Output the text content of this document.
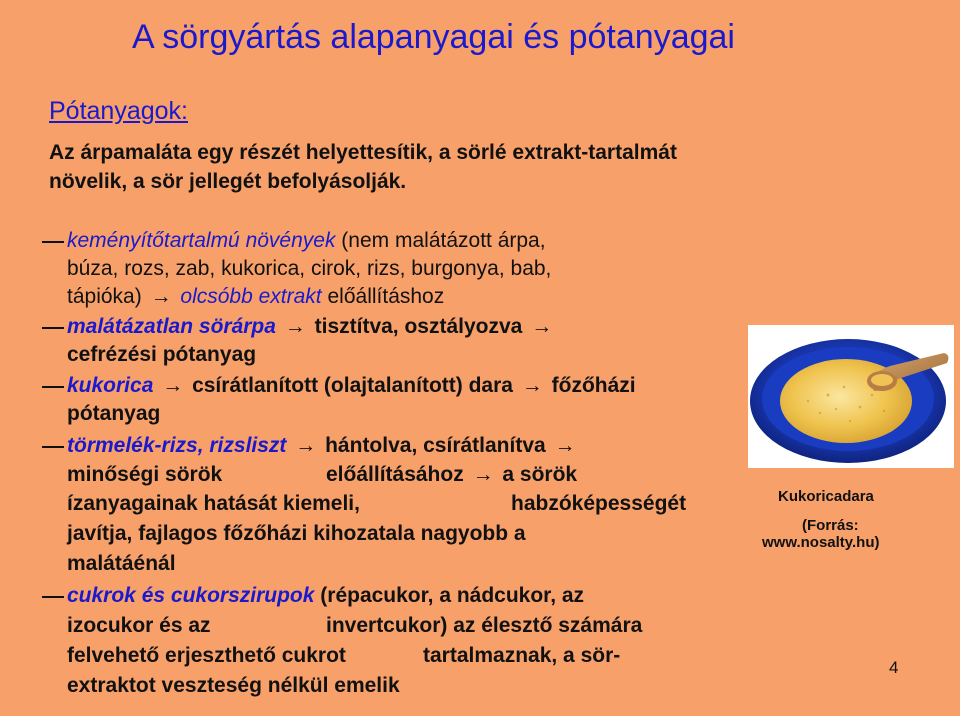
A sörgyártás alapanyagai és pótanyagai
Pótanyagok:
Az árpamaláta egy részét helyettesítik, a sörlé extrakt-tartalmát
növelik, a sör jellegét befolyásolják.
keményítőtartalmú növények (nem malátázott árpa,
búza, rozs, zab, kukorica, cirok, rizs, burgonya, bab,
tápióka) → olcsóbb extrakt előállításhoz
malátázatlan sörárpa → tisztítva, osztályozva →
cefrézési pótanyag
kukorica → csírátlanított (olajtalanított) dara → főzőházi
pótanyag
törmelék-rizs, rizsliszt → hántolva, csírátlanítva →
minőségi sörök	előállításához → a sörök
ízanyagainak hatását kiemeli,	habzóképességét
javítja, fajlagos főzőházi kihozatala nagyobb a
malátáénál
cukrok és cukorszirupok (répacukor, a nádcukor, az
izocukor és az	invertcukor) az élesztő számára
felvehető erjeszthető cukrot	tartalmaznak, a sör-
extraktot veszteség nélkül emelik
Kukoricadara
(Forrás:
www.nosalty.hu)
4
